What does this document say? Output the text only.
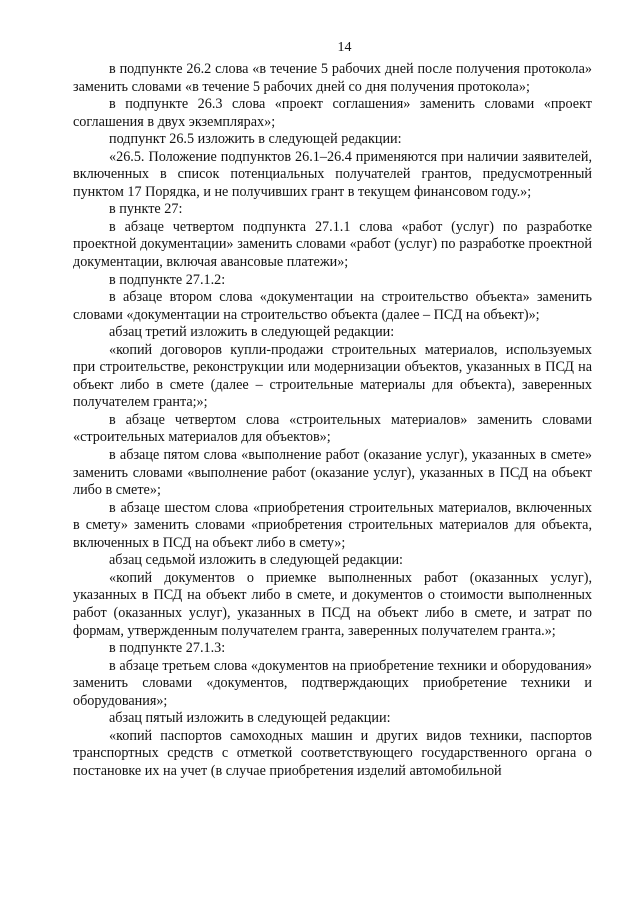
14

в подпункте 26.2 слова «в течение 5 рабочих дней после получения протокола» заменить словами «в течение 5 рабочих дней со дня получения протокола»;

в подпункте 26.3 слова «проект соглашения» заменить словами «проект соглашения в двух экземплярах»;

подпункт 26.5 изложить в следующей редакции:

«26.5. Положение подпунктов 26.1–26.4 применяются при наличии заявителей, включенных в список потенциальных получателей грантов, предусмотренный пунктом 17 Порядка, и не получивших грант в текущем финансовом году.»;

в пункте 27:

в абзаце четвертом подпункта 27.1.1 слова «работ (услуг) по разработке проектной документации» заменить словами «работ (услуг) по разработке проектной документации, включая авансовые платежи»;

в подпункте 27.1.2:

в абзаце втором слова «документации на строительство объекта» заменить словами «документации на строительство объекта (далее – ПСД на объект)»;

абзац третий изложить в следующей редакции:

«копий договоров купли-продажи строительных материалов, используемых при строительстве, реконструкции или модернизации объектов, указанных в ПСД на объект либо в смете (далее – строительные материалы для объекта), заверенных получателем гранта;»;

в абзаце четвертом слова «строительных материалов» заменить словами «строительных материалов для объектов»;

в абзаце пятом слова «выполнение работ (оказание услуг), указанных в смете» заменить словами «выполнение работ (оказание услуг), указанных в ПСД на объект либо в смете»;

в абзаце шестом слова «приобретения строительных материалов, включенных в смету» заменить словами «приобретения строительных материалов для объекта, включенных в ПСД на объект либо в смету»;

абзац седьмой изложить в следующей редакции:

«копий документов о приемке выполненных работ (оказанных услуг), указанных в ПСД на объект либо в смете, и документов о стоимости выполненных работ (оказанных услуг), указанных в ПСД на объект либо в смете, и затрат по формам, утвержденным получателем гранта, заверенных получателем гранта.»;

в подпункте 27.1.3:

в абзаце третьем слова «документов на приобретение техники и оборудования» заменить словами «документов, подтверждающих приобретение техники и оборудования»;

абзац пятый изложить в следующей редакции:

«копий паспортов самоходных машин и других видов техники, паспортов транспортных средств с отметкой соответствующего государственного органа о постановке их на учет (в случае приобретения изделий автомобильной
